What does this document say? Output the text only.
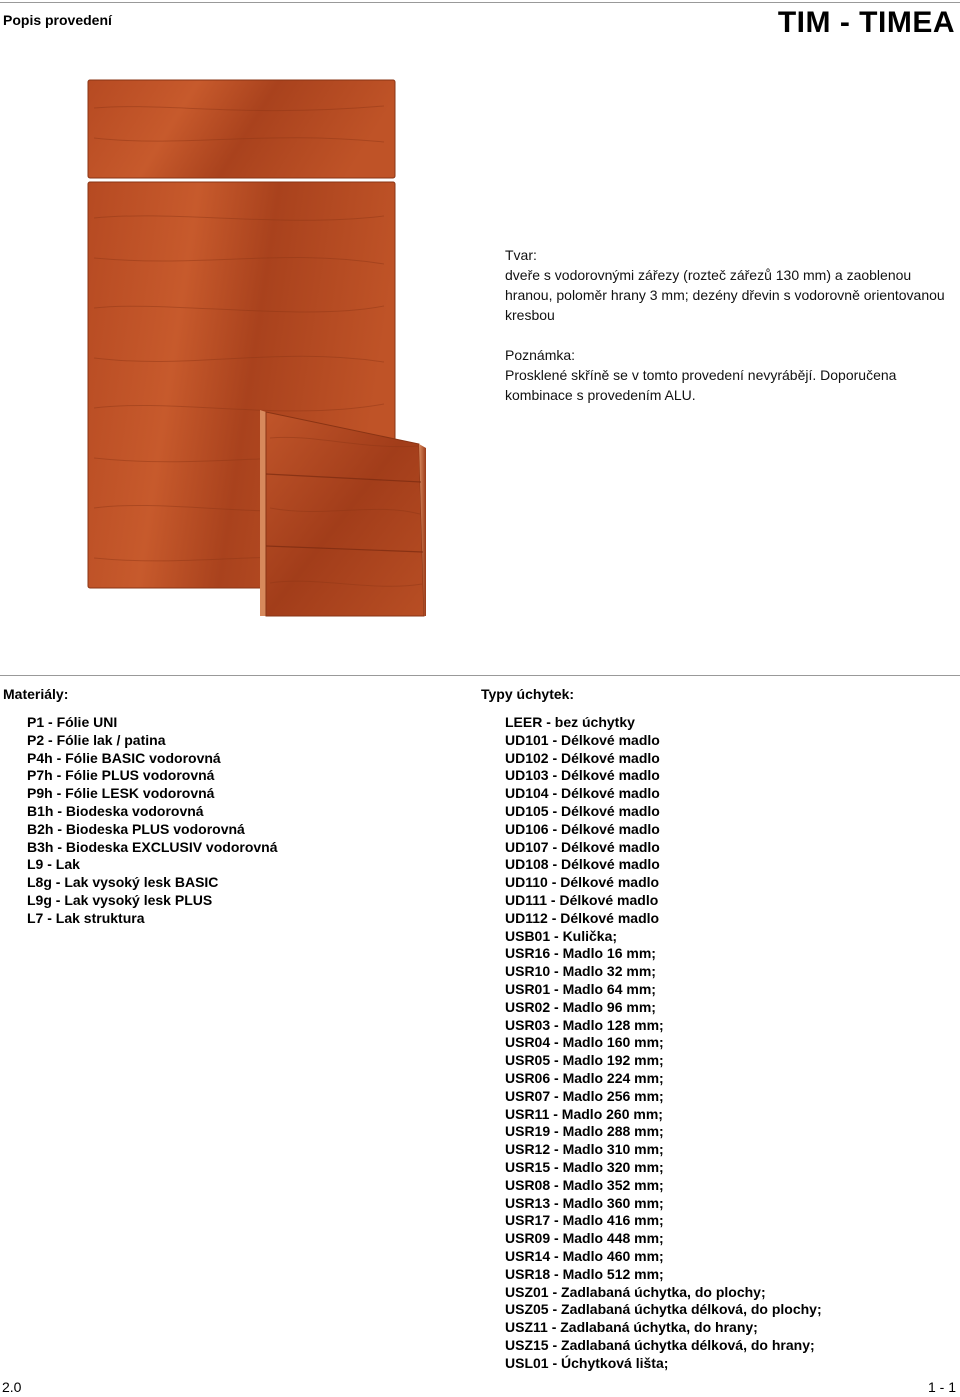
Popis provedení	TIM - TIMEA
Tvar:
dveře s vodorovnými zářezy (rozteč zářezů 130 mm) a zaoblenou hranou, poloměr hrany 3 mm; dezény dřevin s vodorovně orientovanou kresbou
Poznámka:
Prosklené skříně se v tomto provedení nevyrábějí. Doporučena kombinace s provedením ALU.
Materiály:	Typy úchytek:
P1 - Fólie UNI
P2 - Fólie lak / patina
P4h - Fólie BASIC vodorovná
P7h - Fólie PLUS vodorovná
P9h - Fólie LESK vodorovná
B1h - Biodeska vodorovná
B2h - Biodeska PLUS vodorovná
B3h - Biodeska EXCLUSIV vodorovná
L9 - Lak
L8g - Lak vysoký lesk BASIC
L9g - Lak vysoký lesk PLUS
L7 - Lak struktura
LEER - bez úchytky
UD101 - Délkové madlo
UD102 - Délkové madlo
UD103 - Délkové madlo
UD104 - Délkové madlo
UD105 - Délkové madlo
UD106 - Délkové madlo
UD107 - Délkové madlo
UD108 - Délkové madlo
UD110 - Délkové madlo
UD111 - Délkové madlo
UD112 - Délkové madlo
USB01 - Kulička;
USR16 - Madlo 16 mm;
USR10 - Madlo 32 mm;
USR01 - Madlo 64 mm;
USR02 - Madlo 96 mm;
USR03 - Madlo 128 mm;
USR04 - Madlo 160 mm;
USR05 - Madlo 192 mm;
USR06 - Madlo 224 mm;
USR07 - Madlo 256 mm;
USR11 - Madlo 260 mm;
USR19 - Madlo 288 mm;
USR12 - Madlo 310 mm;
USR15 - Madlo 320 mm;
USR08 - Madlo 352 mm;
USR13 - Madlo 360 mm;
USR17 - Madlo 416 mm;
USR09 - Madlo 448 mm;
USR14 - Madlo 460 mm;
USR18 - Madlo 512 mm;
USZ01 - Zadlabaná úchytka, do plochy;
USZ05 - Zadlabaná úchytka délková, do plochy;
USZ11 - Zadlabaná úchytka, do hrany;
USZ15 - Zadlabaná úchytka délková, do hrany;
USL01 - Úchytková lišta;
2.0	1 - 1
